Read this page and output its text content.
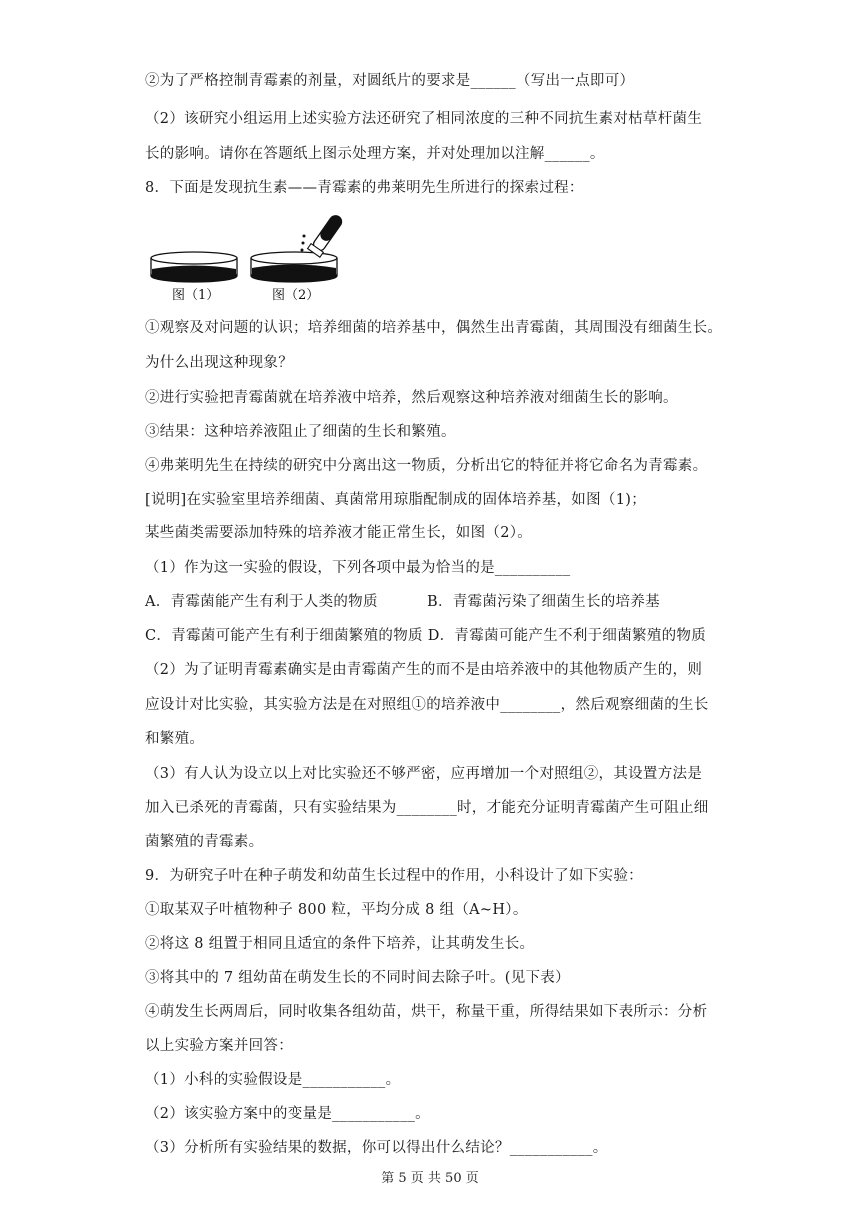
②为了严格控制青霉素的剂量，对圆纸片的要求是______（写出一点即可）
（2）该研究小组运用上述实验方法还研究了相同浓度的三种不同抗生素对枯草杆菌生
长的影响。请你在答题纸上图示处理方案，并对处理加以注解______。
8．下面是发现抗生素——青霉素的弗莱明先生所进行的探索过程：
图（1）	图（2）
①观察及对问题的认识；培养细菌的培养基中，偶然生出青霉菌，其周围没有细菌生长。
为什么出现这种现象？
②进行实验把青霉菌就在培养液中培养，然后观察这种培养液对细菌生长的影响。
③结果：这种培养液阻止了细菌的生长和繁殖。
④弗莱明先生在持续的研究中分离出这一物质，分析出它的特征并将它命名为青霉素。
[说明]在实验室里培养细菌、真菌常用琼脂配制成的固体培养基，如图（1)；
某些菌类需要添加特殊的培养液才能正常生长，如图（2）。
（1）作为这一实验的假设，下列各项中最为恰当的是__________
A．青霉菌能产生有利于人类的物质	B．青霉菌污染了细菌生长的培养基
C．青霉菌可能产生有利于细菌繁殖的物质 D．青霉菌可能产生不利于细菌繁殖的物质
（2）为了证明青霉素确实是由青霉菌产生的而不是由培养液中的其他物质产生的，则
应设计对比实验，其实验方法是在对照组①的培养液中________，然后观察细菌的生长
和繁殖。
（3）有人认为设立以上对比实验还不够严密，应再增加一个对照组②，其设置方法是
加入已杀死的青霉菌，只有实验结果为________时，才能充分证明青霉菌产生可阻止细
菌繁殖的青霉素。
9．为研究子叶在种子萌发和幼苗生长过程中的作用，小科设计了如下实验：
①取某双子叶植物种子 800 粒，平均分成 8 组（A~H）。
②将这 8 组置于相同且适宜的条件下培养，让其萌发生长。
③将其中的 7 组幼苗在萌发生长的不同时间去除子叶。(见下表）
④萌发生长两周后，同时收集各组幼苗，烘干，称量干重，所得结果如下表所示：分析
以上实验方案并回答：
（1）小科的实验假设是___________。
（2）该实验方案中的变量是___________。
（3）分析所有实验结果的数据，你可以得出什么结论？___________。
第 5 页 共 50 页
